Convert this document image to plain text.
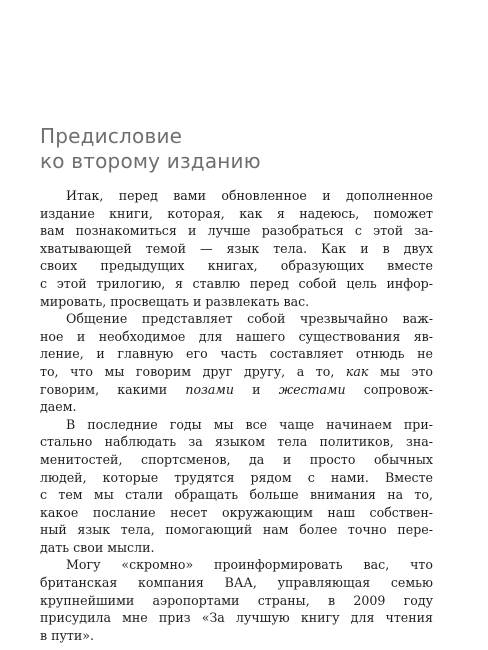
Предисловие
ко второму изданию
Итак, перед вами обновленное и дополненное
издание книги, которая, как я надеюсь, поможет
вам познакомиться и лучше разобраться с этой за-
хватывающей темой — язык тела. Как и в двух
своих предыдущих книгах, образующих вместе
с этой трилогию, я ставлю перед собой цель инфор-
мировать, просвещать и развлекать вас.
Общение представляет собой чрезвычайно важ-
ное и необходимое для нашего существования яв-
ление, и главную его часть составляет отнюдь не
то, что мы говорим друг другу, а то, как мы это
говорим, какими позами и жестами сопровож-
даем.
В последние годы мы все чаще начинаем при-
стально наблюдать за языком тела политиков, зна-
менитостей, спортсменов, да и просто обычных
людей, которые трудятся рядом с нами. Вместе
с тем мы стали обращать больше внимания на то,
какое послание несет окружающим наш собствен-
ный язык тела, помогающий нам более точно пере-
дать свои мысли.
Могу «скромно» проинформировать вас, что
британская компания ВАА, управляющая семью
крупнейшими аэропортами страны, в 2009 году
присудила мне приз «За лучшую книгу для чтения
в пути».
